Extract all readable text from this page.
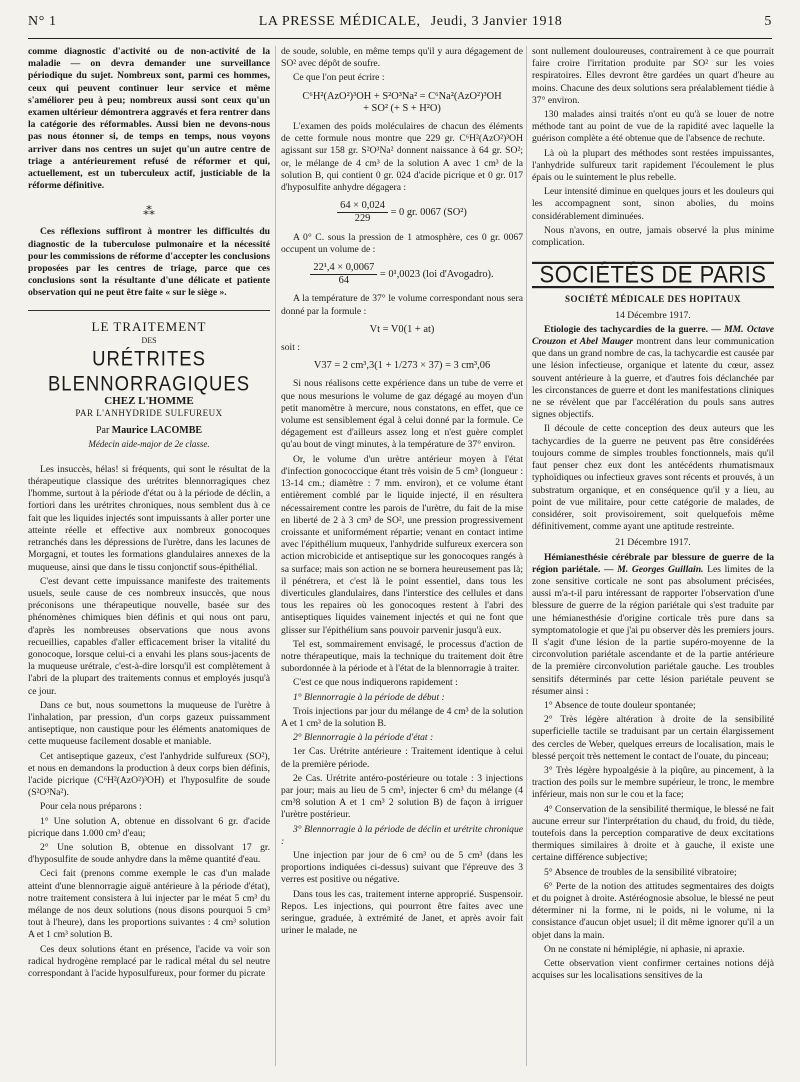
N° 1	LA PRESSE MÉDICALE, Jeudi, 3 Janvier 1918	5

comme diagnostic d'activité ou de non-activité de la maladie — on devra demander une surveillance périodique du sujet. Nombreux sont, parmi ces hommes, ceux qui peuvent continuer leur service et même s'améliorer peu à peu; nombreux aussi sont ceux qu'un examen ultérieur démontrera aggravés et fera rentrer dans la catégorie des réformables. Aussi bien ne devons-nous pas nous étonner si, de temps en temps, nous voyons arriver dans nos centres un sujet qu'un autre centre de triage a antérieurement refusé de réformer et qui, actuellement, est un tuberculeux actif, justiciable de la réforme définitive.

⁂

Ces réflexions suffiront à montrer les difficultés du diagnostic de la tuberculose pulmonaire et la nécessité pour les commissions de réforme d'accepter les conclusions proposées par les centres de triage, parce que ces conclusions sont la résultante d'une délicate et patiente observation qui ne peut être faite « sur le siège ».

LE TRAITEMENT
DES
URÉTRITES BLENNORRAGIQUES
CHEZ L'HOMME
PAR L'ANHYDRIDE SULFUREUX
Par Maurice LACOMBE
Médecin aide-major de 2e classe.

Les insuccès, hélas! si fréquents, qui sont le résultat de la thérapeutique classique des urétrites blennorragiques chez l'homme, surtout à la période d'état ou à la période de déclin, a fortiori dans les urétrites chroniques, nous semblent dus à ce fait que les liquides injectés sont impuissants à aller porter une atteinte réelle et effective aux nombreux gonocoques retranchés dans les dépressions de l'urètre, dans les lacunes de Morgagni, et toutes les formations glandulaires annexes de la muqueuse, ainsi que dans le tissu conjonctif sous-épithélial.

C'est devant cette impuissance manifeste des traitements usuels, seule cause de ces nombreux insuccès, que nous préconisons une thérapeutique nouvelle, basée sur des phénomènes chimiques bien définis et qui nous ont paru, d'après les nombreuses observations que nous avons recueillies, capables d'aller efficacement briser la vitalité du gonocoque, lorsque celui-ci a envahi les plans sous-jacents de la muqueuse urétrale, c'est-à-dire lorsqu'il est complètement à l'abri de la plupart des traitements connus et employés jusqu'à ce jour.

Dans ce but, nous soumettons la muqueuse de l'urètre à l'inhalation, par pression, d'un corps gazeux puissamment antiseptique, non caustique pour les éléments anatomiques de cette muqueuse facilement dosable et maniable.

Cet antiseptique gazeux, c'est l'anhydride sulfureux (SO²), et nous en demandons la production à deux corps bien définis, l'acide picrique (C⁶H²(AzO²)³OH) et l'hyposulfite de soude (S²O³Na²).

Pour cela nous préparons :

1° Une solution A, obtenue en dissolvant 6 gr. d'acide picrique dans 1.000 cm³ d'eau;

2° Une solution B, obtenue en dissolvant 17 gr. d'hyposulfite de soude anhydre dans la même quantité d'eau.

Ceci fait (prenons comme exemple le cas d'un malade atteint d'une blennorragie aiguë antérieure à la période d'état), notre traitement consistera à lui injecter par le méat 5 cm³ du mélange de nos deux solutions (nous disons pourquoi 5 cm³ tout à l'heure), dans les proportions suivantes : 4 cm³ solution A et 1 cm³ solution B.

Ces deux solutions étant en présence, l'acide va voir son radical hydrogène remplacé par le radical métal du sel neutre correspondant à l'acide hyposulfureux, pour former du picrate

de soude, soluble, en même temps qu'il y aura dégagement de SO² avec dépôt de soufre.

Ce que l'on peut écrire :

C⁶H²(AzO²)³OH + S²O³Na² = C⁶Na²(AzO²)³OH
+ SO² (+ S + H²O)

L'examen des poids moléculaires de chacun des éléments de cette formule nous montre que 229 gr. C⁶H²(AzO²)³OH agissant sur 158 gr. S²O³Na² donnent naissance à 64 gr. SO²; or, le mélange de 4 cm³ de la solution A avec 1 cm³ de la solution B, qui contient 0 gr. 024 d'acide picrique et 0 gr. 017 d'hyposulfite anhydre dégagera :

$\frac{64 \times 0,024}{229} = 0$ gr. 0067 (SO²)

A 0° C. sous la pression de 1 atmosphère, ces 0 gr. 0067 occupent un volume de :

$\frac{\text{22¹,4 × 0,0067}}{64} = 0^1,0023$ (loi d'Avogadro).

A la température de 37° le volume correspondant nous sera donné par la formule :

Vt = V0(1 + at)

soit :

V37 = 2 cm³,3(1 + 1/273 × 37) = 3 cm³,06

Si nous réalisons cette expérience dans un tube de verre et que nous mesurions le volume de gaz dégagé au moyen d'un petit manomètre à mercure, nous constatons, en effet, que ce volume est sensiblement égal à celui donné par la formule. Ce dégagement est d'ailleurs assez long et n'est guère complet qu'au bout de vingt minutes, à la température de 37° environ.

Or, le volume d'un urètre antérieur moyen à l'état d'infection gonococcique étant très voisin de 5 cm³ (longueur : 13-14 cm.; diamètre : 7 mm. environ), et ce volume étant entièrement comblé par le liquide injecté, il en résultera nécessairement contre les parois de l'urètre, du fait de la mise en liberté de 2 à 3 cm³ de SO², une pression progressivement croissante et uniformément répartie; venant en contact intime avec l'épithélium muqueux, l'anhydride sulfureux exercera son action microbicide et antiseptique sur les gonocoques rangés à sa surface; mais son action ne se bornera heureusement pas là; il pénétrera, et c'est là le point essentiel, dans tous les diverticules glandulaires, dans l'interstice des cellules et dans tous les repaires où les gonocoques restent à l'abri des antiseptiques liquides vainement injectés et qui ne font que glisser sur l'épithélium sans pouvoir parvenir jusqu'à eux.

Tel est, sommairement envisagé, le processus d'action de notre thérapeutique, mais la technique du traitement doit être subordonnée à la période et à l'état de la blennorragie à traiter.

C'est ce que nous indiquerons rapidement :

1° Blennorragie à la période de début :

Trois injections par jour du mélange de 4 cm³ de la solution A et 1 cm³ de la solution B.

2° Blennorragie à la période d'état :

1er Cas. Urétrite antérieure : Traitement identique à celui de la première période.

2e Cas. Urétrite antéro-postérieure ou totale : 3 injections par jour; mais au lieu de 5 cm³, injecter 6 cm³ du mélange (4 cm³8 solution A et 1 cm³ 2 solution B) de façon à irriguer l'urètre postérieur.

3° Blennorragie à la période de déclin et urétrite chronique :

Une injection par jour de 6 cm³ ou de 5 cm³ (dans les proportions indiquées ci-dessus) suivant que l'épreuve des 3 verres est positive ou négative.

Dans tous les cas, traitement interne approprié. Suspensoir. Repos. Les injections, qui pourront être faites avec une seringue, graduée, à extrémité de Janet, et après avoir fait uriner le malade, ne

sont nullement douloureuses, contrairement à ce que pourrait faire croire l'irritation produite par SO² sur les voies respiratoires. Elles devront être gardées un quart d'heure au moins. Chacune des deux solutions sera préalablement tiédie à 37° environ.

130 malades ainsi traités n'ont eu qu'à se louer de notre méthode tant au point de vue de la rapidité avec laquelle la guérison complète a été obtenue que de l'absence de rechute.

Là où la plupart des méthodes sont restées impuissantes, l'anhydride sulfureux tarit rapidement l'écoulement le plus épais ou le suintement le plus rebelle.

Leur intensité diminue en quelques jours et les douleurs qui les accompagnent sont, sinon abolies, du moins considérablement diminuées.

Nous n'avons, en outre, jamais observé la plus minime complication.

SOCIÉTÉS DE PARIS
SOCIÉTÉ MÉDICALE DES HOPITAUX
14 Décembre 1917.

Etiologie des tachycardies de la guerre. — MM. Octave Crouzon et Abel Mauger montrent dans leur communication que dans un grand nombre de cas, la tachycardie est causée par une lésion infectieuse, organique et latente du cœur, assez souvent antérieure à la guerre, et d'autres fois déclanchée par les circonstances de guerre et dont les manifestations cliniques ne se révèlent que par l'accélération du pouls sans autres signes objectifs.

Il découle de cette conception des deux auteurs que les tachycardies de la guerre ne peuvent pas être considérées toujours comme de simples troubles fonctionnels, mais qu'il faut penser chez eux dont les antécédents rhumatismaux typhoïdiques ou infectieux graves sont récents et prouvés, à un substratum organique, et en conséquence qu'il y a lieu, au point de vue militaire, pour cette catégorie de malades, de considérer, soit provisoirement, soit quelquefois même définitivement, comme ayant une aptitude restreinte.

21 Décembre 1917.

Hémianesthésie cérébrale par blessure de guerre de la région pariétale. — M. Georges Guillain. Les limites de la zone sensitive corticale ne sont pas absolument précisées, aussi m'a-t-il paru intéressant de rapporter l'observation d'une blessure de guerre de la région pariétale qui s'est traduite par une hémianesthésie d'origine corticale très pure dans sa symptomatologie et que j'ai pu observer dès les premiers jours. Il s'agit d'une lésion de la partie supéro-moyenne de la circonvolution pariétale ascendante et de la partie antérieure de la première circonvolution pariétale gauche. Les troubles sensitifs déterminés par cette lésion pariétale peuvent se résumer ainsi :

1° Absence de toute douleur spontanée;

2° Très légère altération à droite de la sensibilité superficielle tactile se traduisant par un certain élargissement des cercles de Weber, quelques erreurs de localisation, mais le blessé perçoit très nettement le contact de l'ouate, du pinceau;

3° Très légère hypoalgésie à la piqûre, au pincement, à la traction des poils sur le membre supérieur, le tronc, le membre inférieur, mais non sur le cou et la face;

4° Conservation de la sensibilité thermique, le blessé ne fait aucune erreur sur l'interprétation du chaud, du froid, du tiède, toutefois dans la perception comparative de deux excitations thermiques similaires à droite et à gauche, il existe une certaine différence subjective;

5° Absence de troubles de la sensibilité vibratoire;

6° Perte de la notion des attitudes segmentaires des doigts et du poignet à droite. Astéréognosie absolue, le blessé ne peut déterminer ni la forme, ni le poids, ni le volume, ni la consistance d'aucun objet usuel; il dit même ignorer qu'il a un objet dans la main.

On ne constate ni hémiplégie, ni aphasie, ni apraxie.

Cette observation vient confirmer certaines notions déjà acquises sur les localisations sensitives de la
